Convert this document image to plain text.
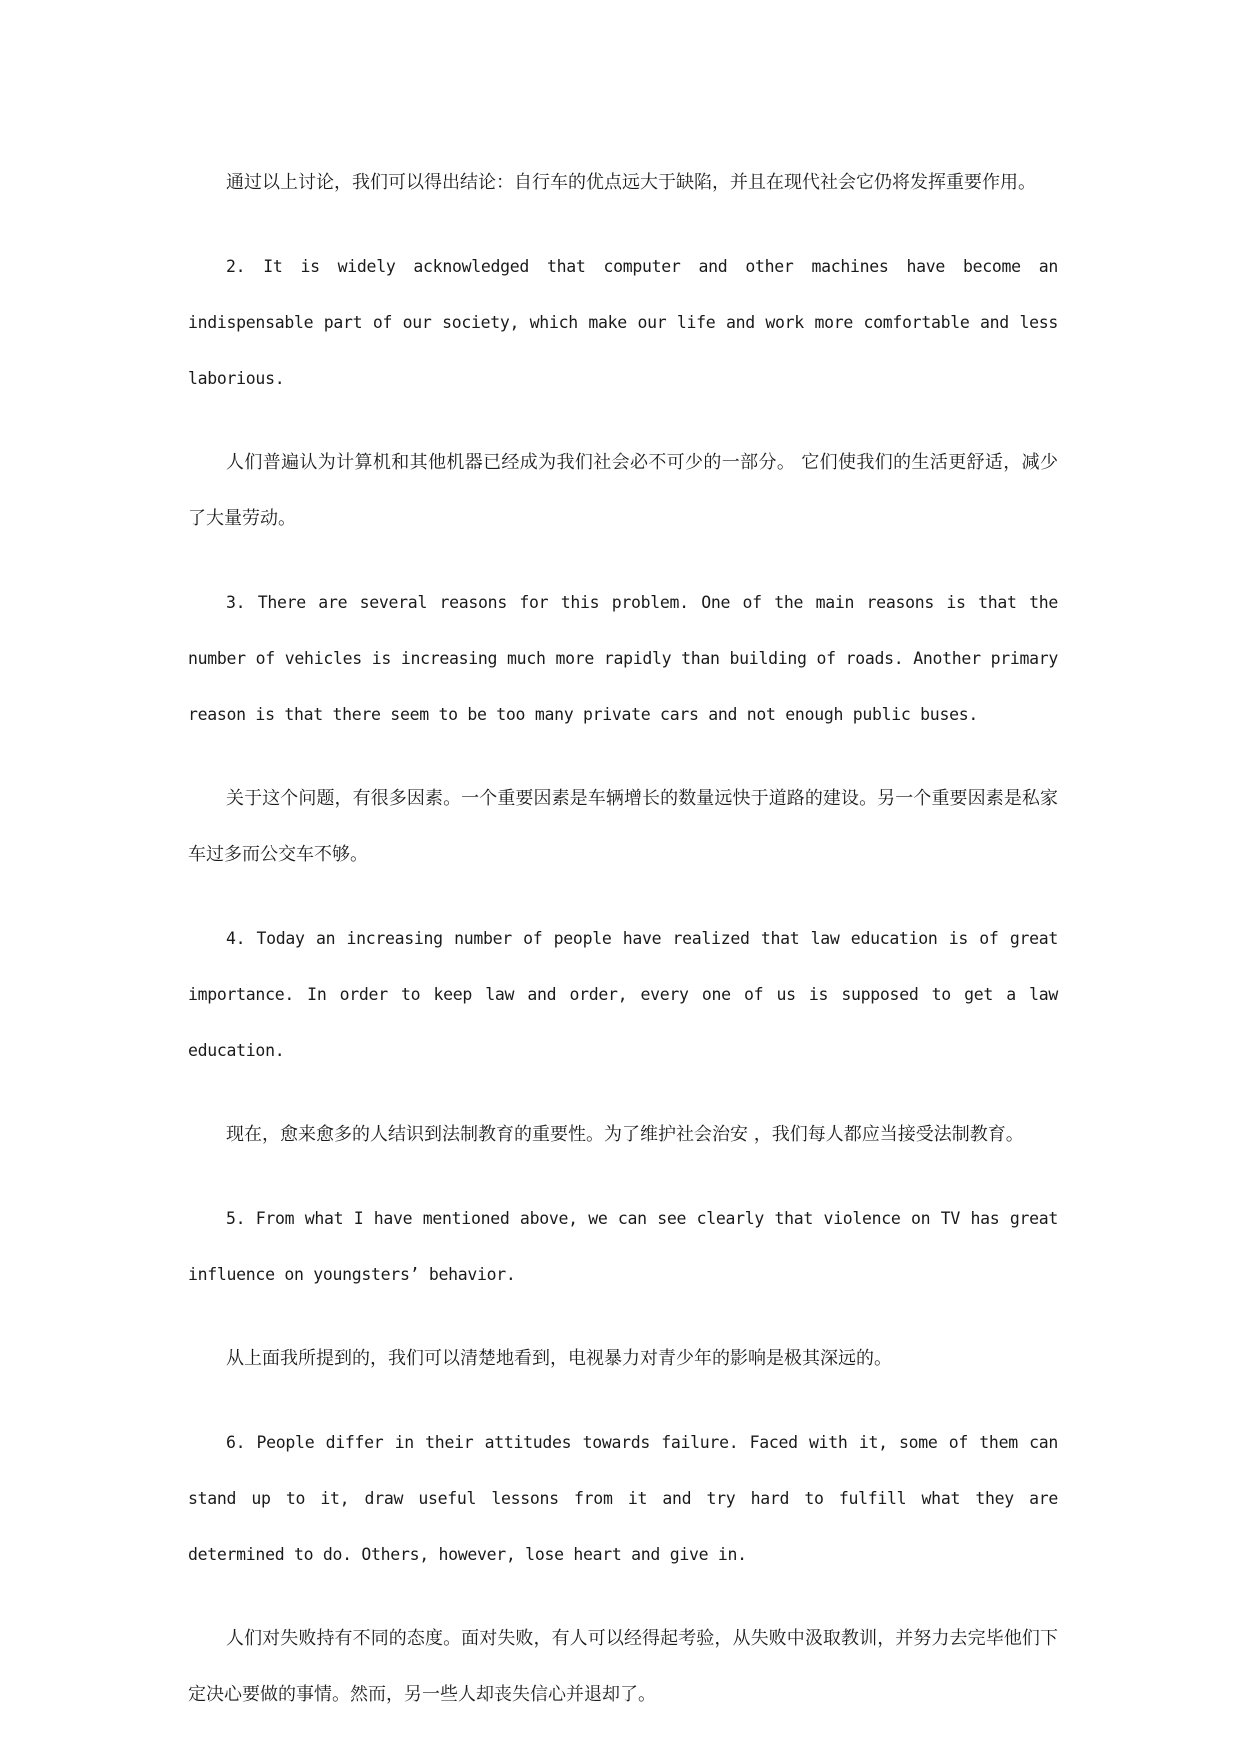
通过以上讨论，我们可以得出结论：自行车的优点远大于缺陷，并且在现代社会它仍将发挥重要作用。

2. It is widely acknowledged that computer and other machines have become an indispensable part of our society, which make our life and work more comfortable and less laborious.

人们普遍认为计算机和其他机器已经成为我们社会必不可少的一部分。 它们使我们的生活更舒适，减少了大量劳动。

3. There are several reasons for this problem. One of the main reasons is that the number of vehicles is increasing much more rapidly than building of roads. Another primary reason is that there seem to be too many private cars and not enough public buses.

关于这个问题，有很多因素。一个重要因素是车辆增长的数量远快于道路的建设。另一个重要因素是私家车过多而公交车不够。

4. Today an increasing number of people have realized that law education is of great importance. In order to keep law and order, every one of us is supposed to get a law education.

现在，愈来愈多的人结识到法制教育的重要性。为了维护社会治安 ，我们每人都应当接受法制教育。

5. From what I have mentioned above, we can see clearly that violence on TV has great influence on youngsters’ behavior.

从上面我所提到的，我们可以清楚地看到，电视暴力对青少年的影响是极其深远的。

6. People differ in their attitudes towards failure. Faced with it, some of them can stand up to it, draw useful lessons from it and try hard to fulfill what they are determined to do. Others, however, lose heart and give in.

人们对失败持有不同的态度。面对失败，有人可以经得起考验，从失败中汲取教训，并努力去完毕他们下定决心要做的事情。然而，另一些人却丧失信心并退却了。
